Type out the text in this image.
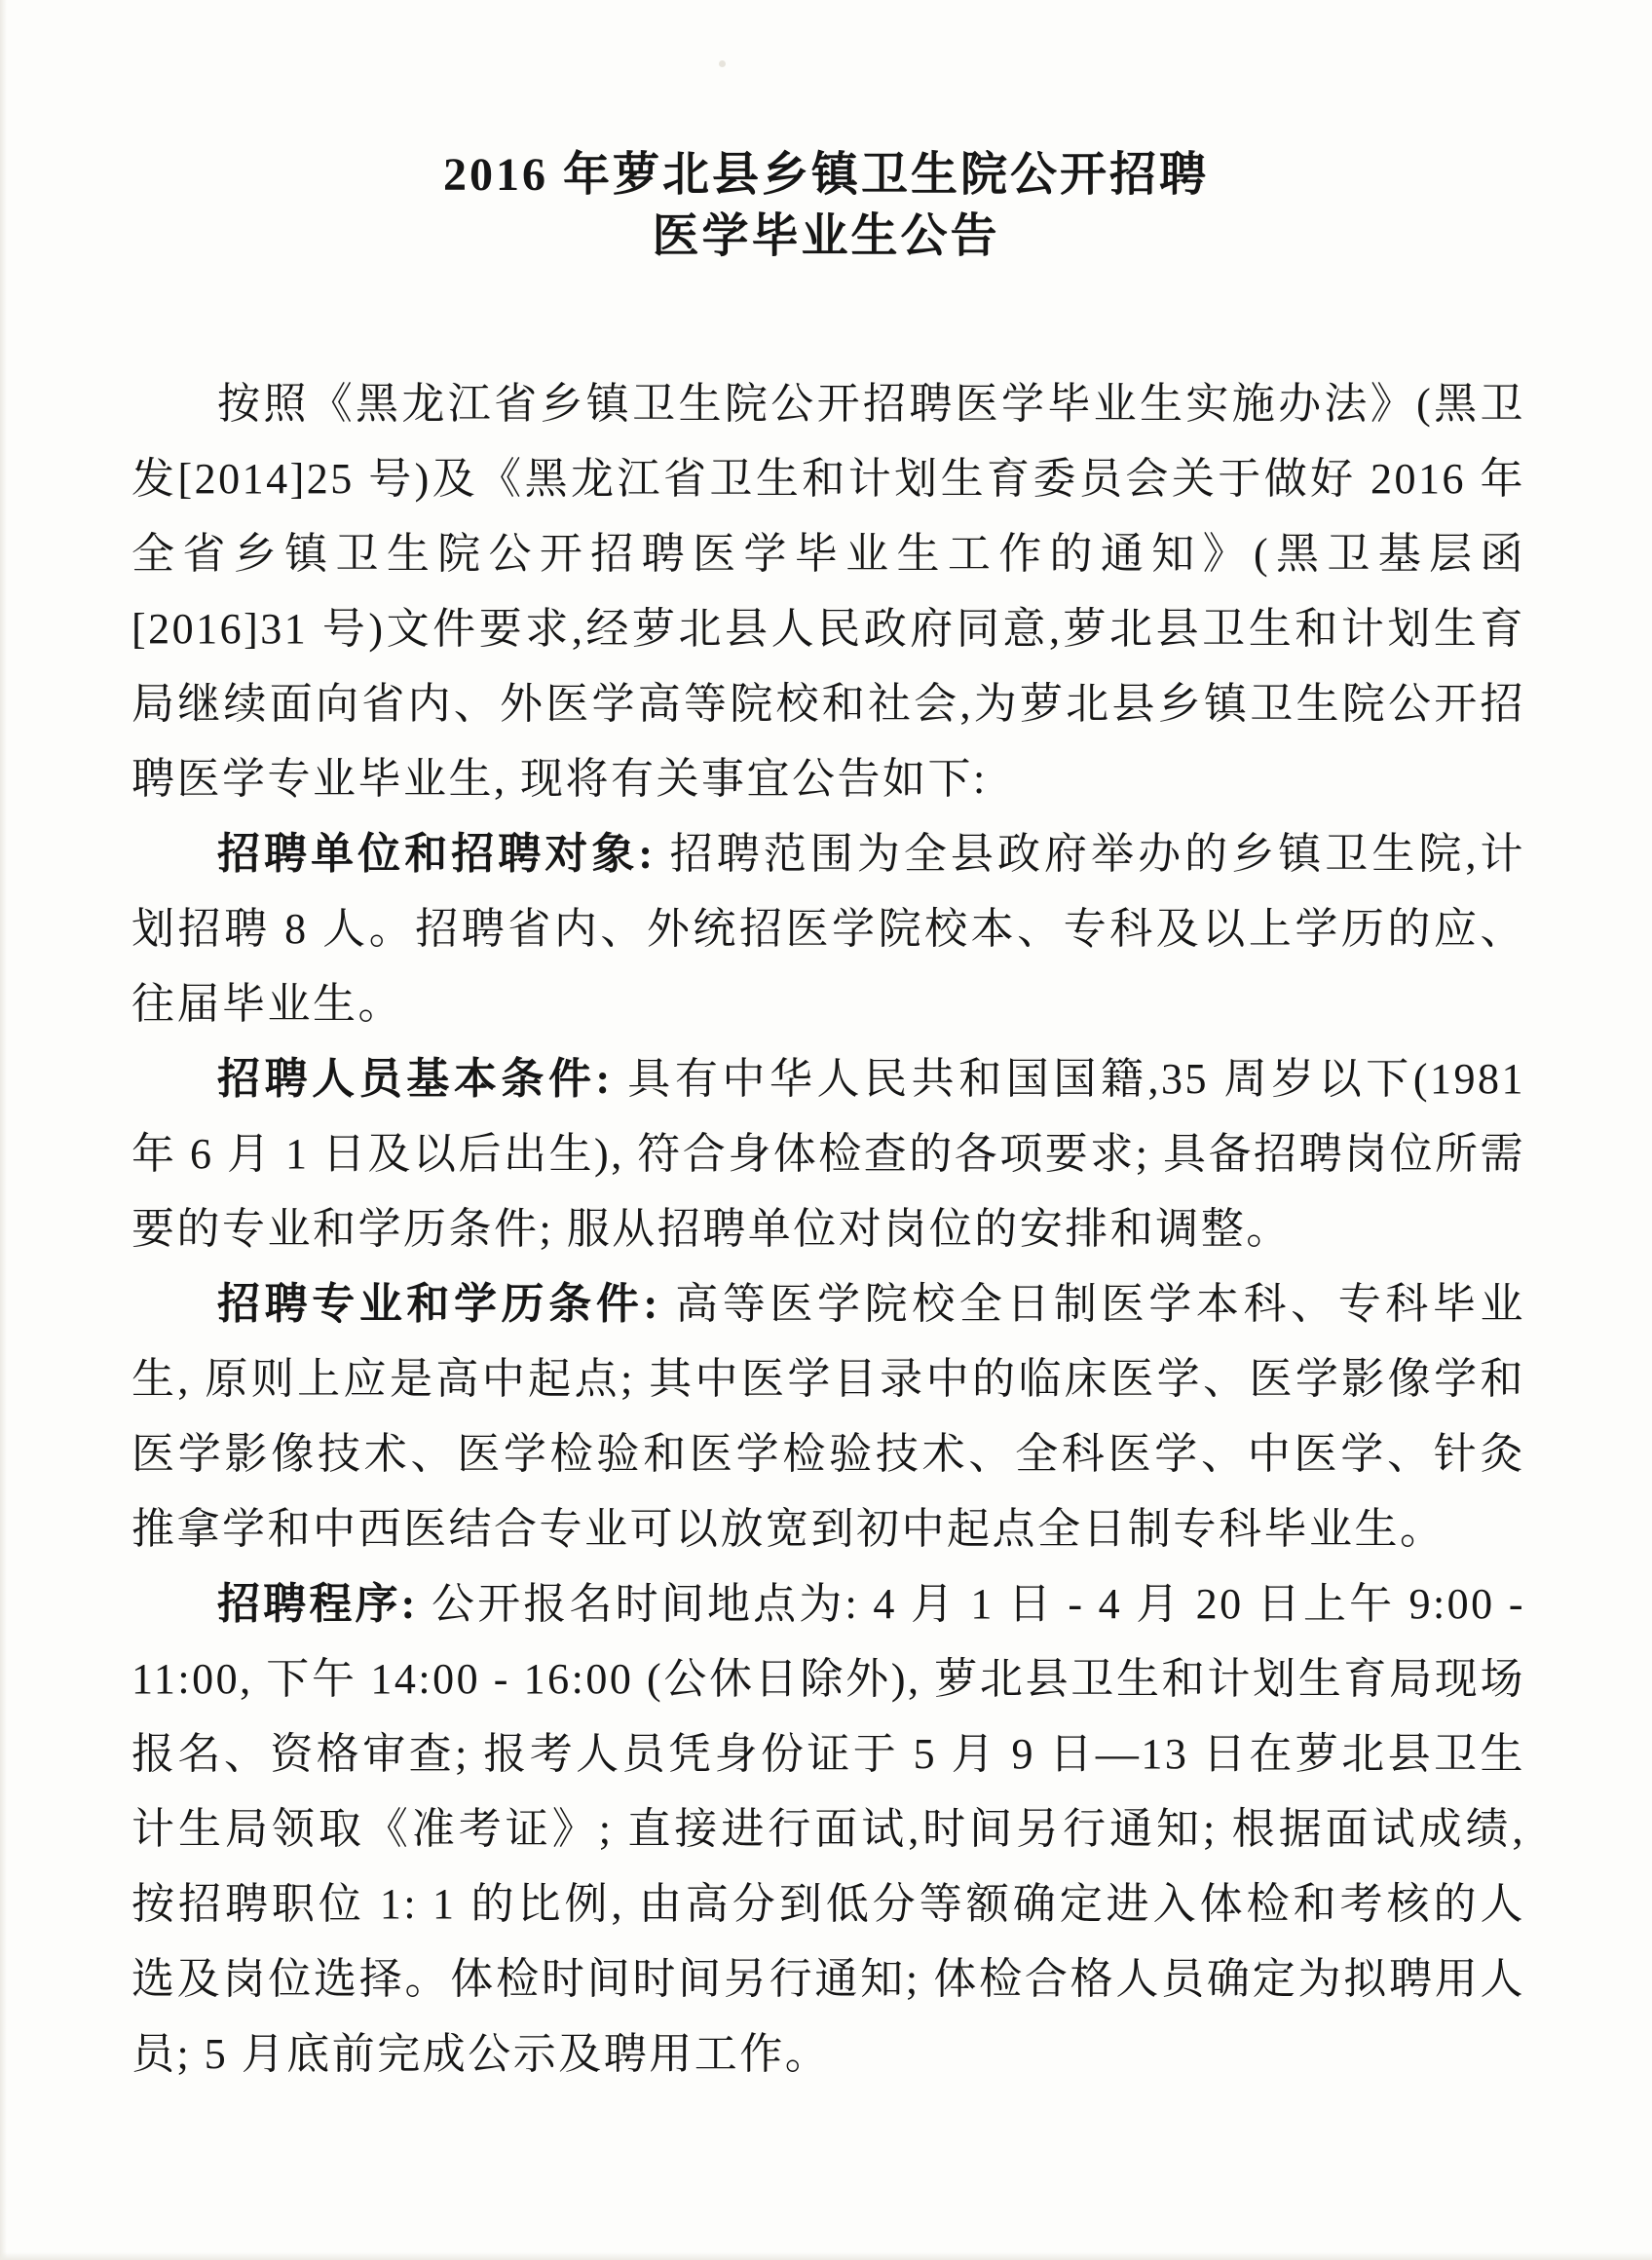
2016 年萝北县乡镇卫生院公开招聘
医学毕业生公告

按照《黑龙江省乡镇卫生院公开招聘医学毕业生实施办法》(黑卫发[2014]25 号)及《黑龙江省卫生和计划生育委员会关于做好 2016 年全省乡镇卫生院公开招聘医学毕业生工作的通知》(黑卫基层函[2016]31 号)文件要求,经萝北县人民政府同意,萝北县卫生和计划生育局继续面向省内、外医学高等院校和社会,为萝北县乡镇卫生院公开招聘医学专业毕业生, 现将有关事宜公告如下:

招聘单位和招聘对象: 招聘范围为全县政府举办的乡镇卫生院,计划招聘 8 人。招聘省内、外统招医学院校本、专科及以上学历的应、往届毕业生。

招聘人员基本条件: 具有中华人民共和国国籍,35 周岁以下(1981 年 6 月 1 日及以后出生), 符合身体检查的各项要求; 具备招聘岗位所需要的专业和学历条件; 服从招聘单位对岗位的安排和调整。

招聘专业和学历条件: 高等医学院校全日制医学本科、专科毕业生, 原则上应是高中起点; 其中医学目录中的临床医学、医学影像学和医学影像技术、医学检验和医学检验技术、全科医学、中医学、针灸推拿学和中西医结合专业可以放宽到初中起点全日制专科毕业生。

招聘程序: 公开报名时间地点为: 4 月 1 日 - 4 月 20 日上午 9:00 - 11:00, 下午 14:00 - 16:00 (公休日除外), 萝北县卫生和计划生育局现场报名、资格审查; 报考人员凭身份证于 5 月 9 日—13 日在萝北县卫生计生局领取《准考证》; 直接进行面试,时间另行通知; 根据面试成绩, 按招聘职位 1: 1 的比例, 由高分到低分等额确定进入体检和考核的人选及岗位选择。体检时间时间另行通知; 体检合格人员确定为拟聘用人员; 5 月底前完成公示及聘用工作。
